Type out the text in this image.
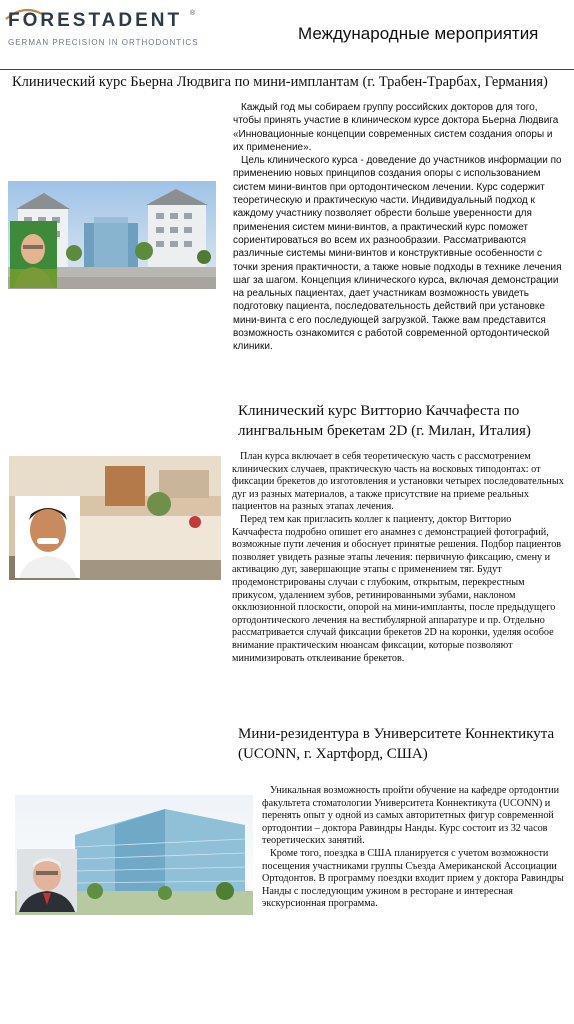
FORESTADENT ®
GERMAN PRECISION IN ORTHODONTICS	Международные мероприятия
Клинический курс Бьерна Людвига по мини-имплантам (г. Трабен-Трарбах, Германия)

Каждый год мы собираем группу российских докторов для того, чтобы принять участие в клиническом курсе доктора Бьерна Людвига «Инновационные концепции современных систем создания опоры и их применение».

Цель клинического курса - доведение до участников информации по применению новых принципов создания опоры с использованием систем мини-винтов при ортодонтическом лечении. Курс содержит теоретическую и практическую части. Индивидуальный подход к каждому участнику позволяет обрести больше уверенности для применения систем мини-винтов, а практический курс поможет сориентироваться во всем их разнообразии. Рассматриваются различные системы мини-винтов и конструктивные особенности с точки зрения практичности, а также новые подходы в технике лечения шаг за шагом. Концепция клинического курса, включая демонстрации на реальных пациентах, дает участникам возможность увидеть подготовку пациента, последовательность действий при установке мини-винта с его последующей загрузкой. Также вам представится возможность ознакомится с работой современной ортодонтической клиники.

Клинический курс Витторио Каччафеста по лингвальным брекетам 2D (г. Милан, Италия)

План курса включает в себя теоретическую часть с рассмотрением клинических случаев, практическую часть на восковых типодонтах: от фиксации брекетов до изготовления и установки четырех последовательных дуг из разных материалов, а также присутствие на приеме реальных пациентов на разных этапах лечения.

Перед тем как пригласить коллег к пациенту, доктор Витторио Каччафеста подробно опишет его анамнез с демонстрацией фотографий, возможные пути лечения и обоснует принятые решения. Подбор пациентов позволяет увидеть разные этапы лечения: первичную фиксацию, смену и активацию дуг, завершающие этапы с применением тяг. Будут продемонстрированы случаи с глубоким, открытым, перекрестным прикусом, удалением зубов, ретинированными зубами, наклоном окклюзионной плоскости, опорой на мини-импланты, после предыдущего ортодонтического лечения на вестибулярной аппаратуре и пр. Отдельно рассматривается случай фиксации брекетов 2D на коронки, уделяя особое внимание практическим нюансам фиксации, которые позволяют минимизировать отклеивание брекетов.

Мини-резидентура в Университете Коннектикута (UCONN, г. Хартфорд, США)

Уникальная возможность пройти обучение на кафедре ортодонтии факультета стоматологии Университета Коннектикута (UCONN) и перенять опыт у одной из самых авторитетных фигур современной ортодонтии – доктора Равиндры Нанды. Курс состоит из 32 часов теоретических занятий.

Кроме того, поездка в США планируется с учетом возможности посещения участниками группы Съезда Американской Ассоциации Ортодонтов. В программу поездки входит прием у доктора Равиндры Нанды с последующим ужином в ресторане и интересная экскурсионная программа.
